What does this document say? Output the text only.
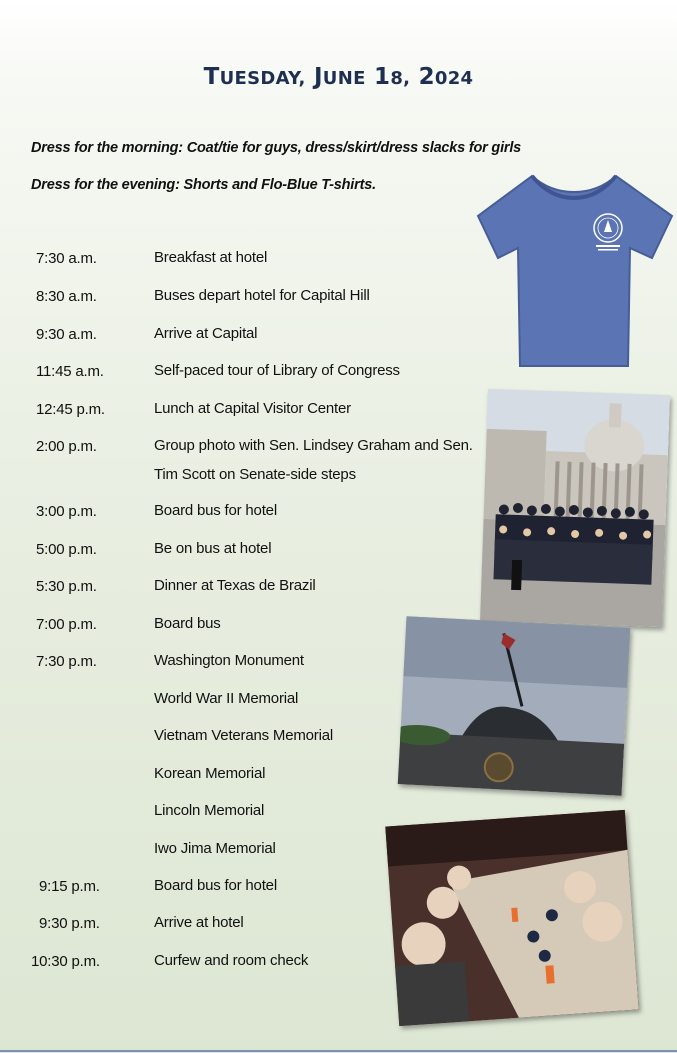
TUESDAY, JUNE 18, 2024
Dress for the morning: Coat/tie for guys, dress/skirt/dress slacks for girls
Dress for the evening: Shorts and Flo-Blue T-shirts.
7:30 a.m.	Breakfast at hotel
8:30 a.m.	Buses depart hotel for Capital Hill
9:30 a.m.	Arrive at Capital
11:45 a.m.	Self-paced tour of Library of Congress
12:45 p.m.	Lunch at Capital Visitor Center
2:00 p.m.	Group photo with Sen. Lindsey Graham and Sen.
Tim Scott on Senate-side steps
3:00 p.m.	Board bus for hotel
5:00 p.m.	Be on bus at hotel
5:30 p.m.	Dinner at Texas de Brazil
7:00 p.m.	Board bus
7:30 p.m.	Washington Monument
World War II Memorial
Vietnam Veterans Memorial
Korean Memorial
Lincoln Memorial
Iwo Jima Memorial
9:15 p.m.	Board bus for hotel
9:30 p.m.	Arrive at hotel
10:30 p.m.	Curfew and room check
